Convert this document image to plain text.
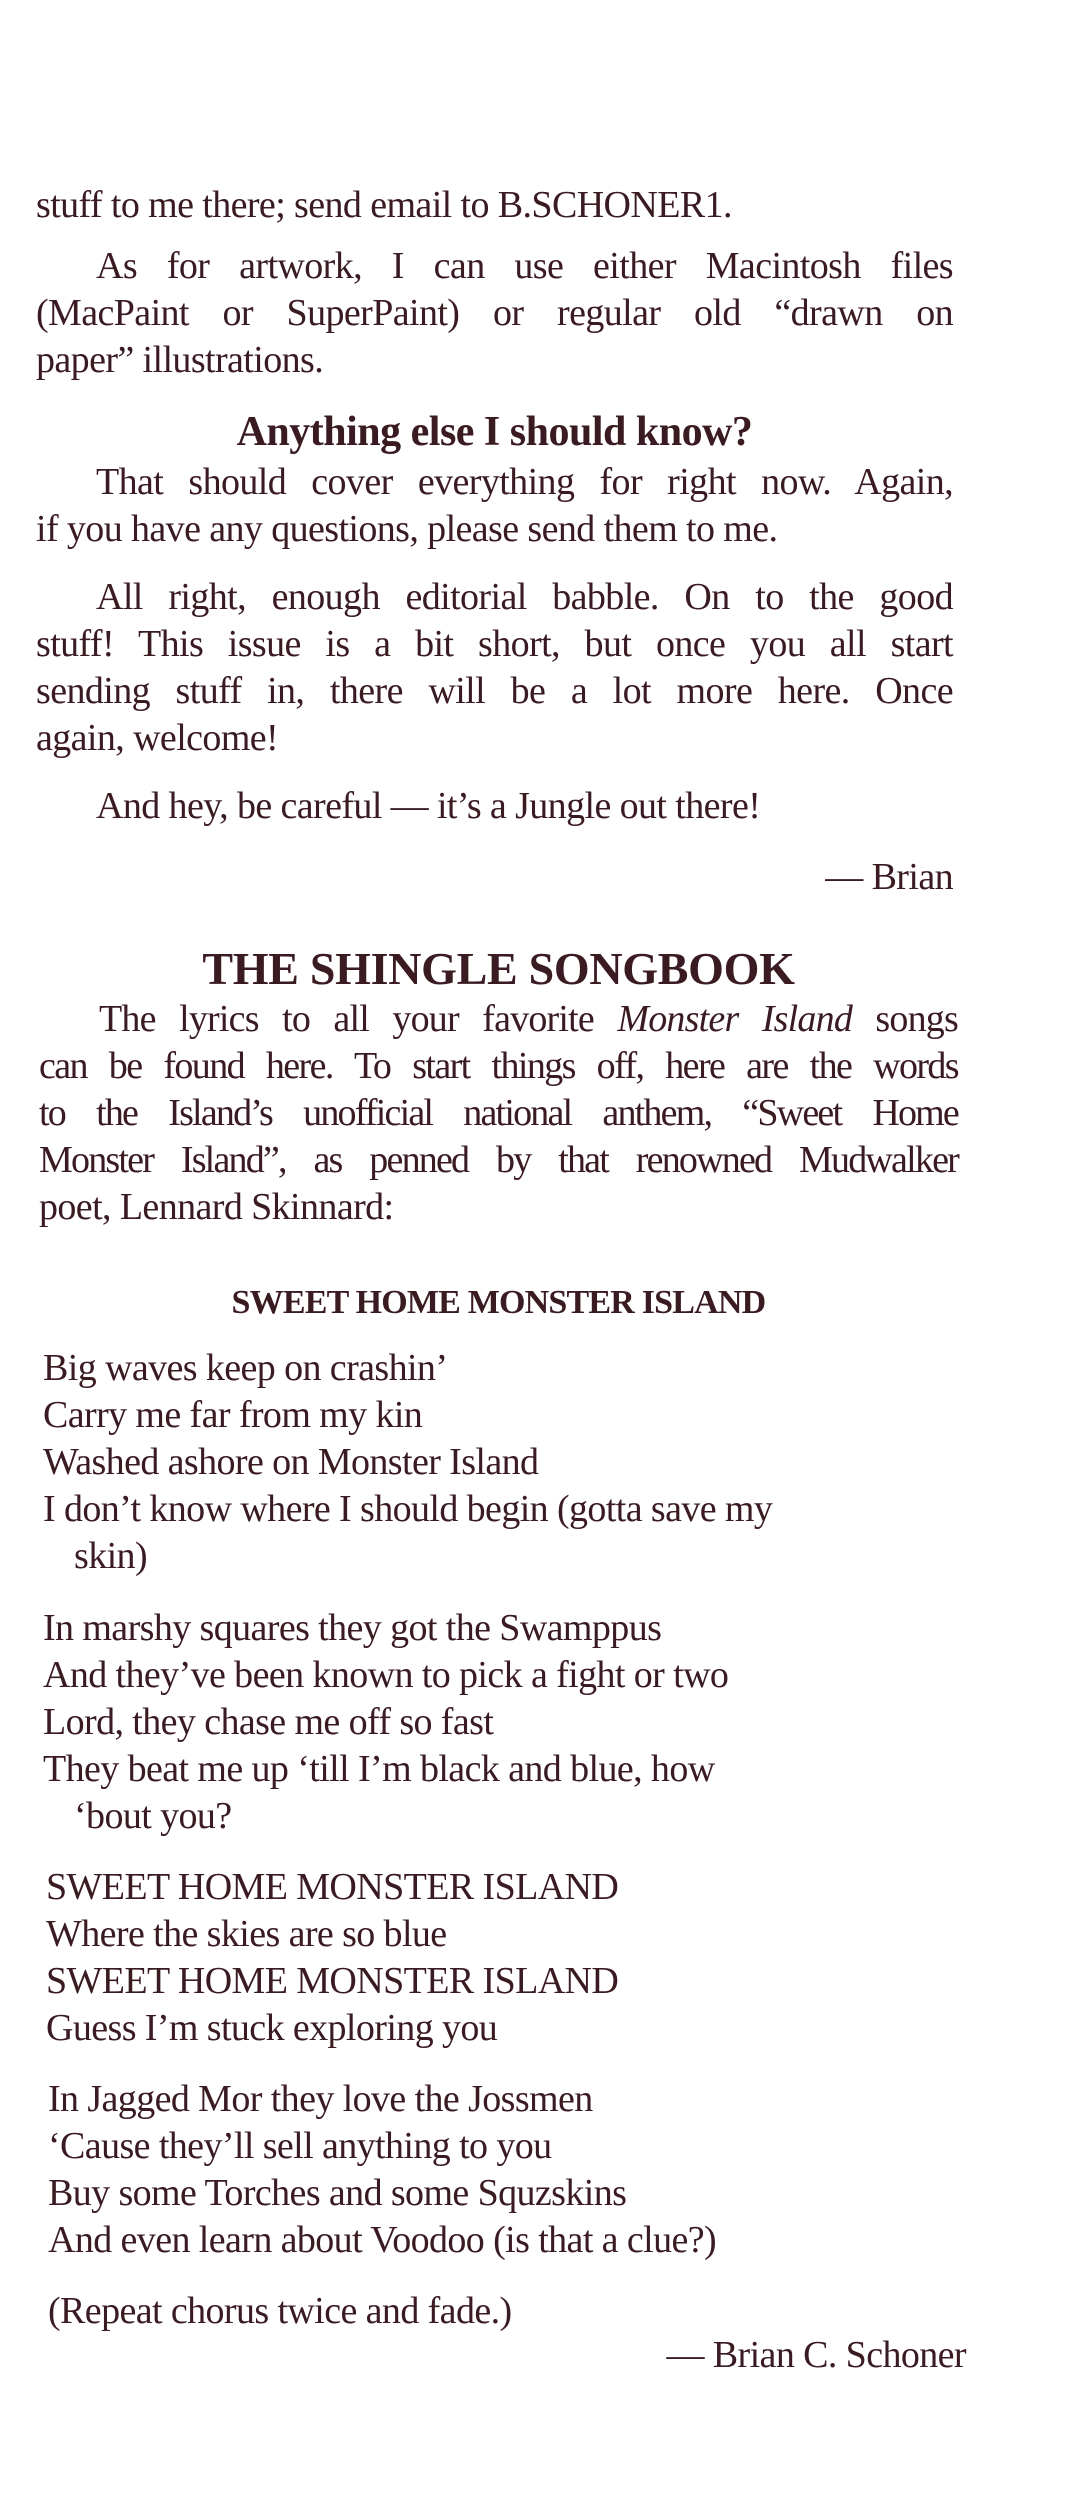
stuff to me there; send email to B.SCHONER1.
As for artwork, I can use either Macintosh files
(MacPaint or SuperPaint) or regular old “drawn on
paper” illustrations.
Anything else I should know?
That should cover everything for right now. Again,
if you have any questions, please send them to me.
All right, enough editorial babble. On to the good
stuff! This issue is a bit short, but once you all start
sending stuff in, there will be a lot more here. Once
again, welcome!
And hey, be careful — it’s a Jungle out there!
— Brian
THE SHINGLE SONGBOOK
The lyrics to all your favorite Monster Island songs
can be found here. To start things off, here are the words
to the Island’s unofficial national anthem, “Sweet Home
Monster Island”, as penned by that renowned Mudwalker
poet, Lennard Skinnard:
SWEET HOME MONSTER ISLAND
Big waves keep on crashin’
Carry me far from my kin
Washed ashore on Monster Island
I don’t know where I should begin (gotta save my
skin)
In marshy squares they got the Swamppus
And they’ve been known to pick a fight or two
Lord, they chase me off so fast
They beat me up ‘till I’m black and blue, how
‘bout you?
SWEET HOME MONSTER ISLAND
Where the skies are so blue
SWEET HOME MONSTER ISLAND
Guess I’m stuck exploring you
In Jagged Mor they love the Jossmen
‘Cause they’ll sell anything to you
Buy some Torches and some Squzskins
And even learn about Voodoo (is that a clue?)
(Repeat chorus twice and fade.)
— Brian C. Schoner
